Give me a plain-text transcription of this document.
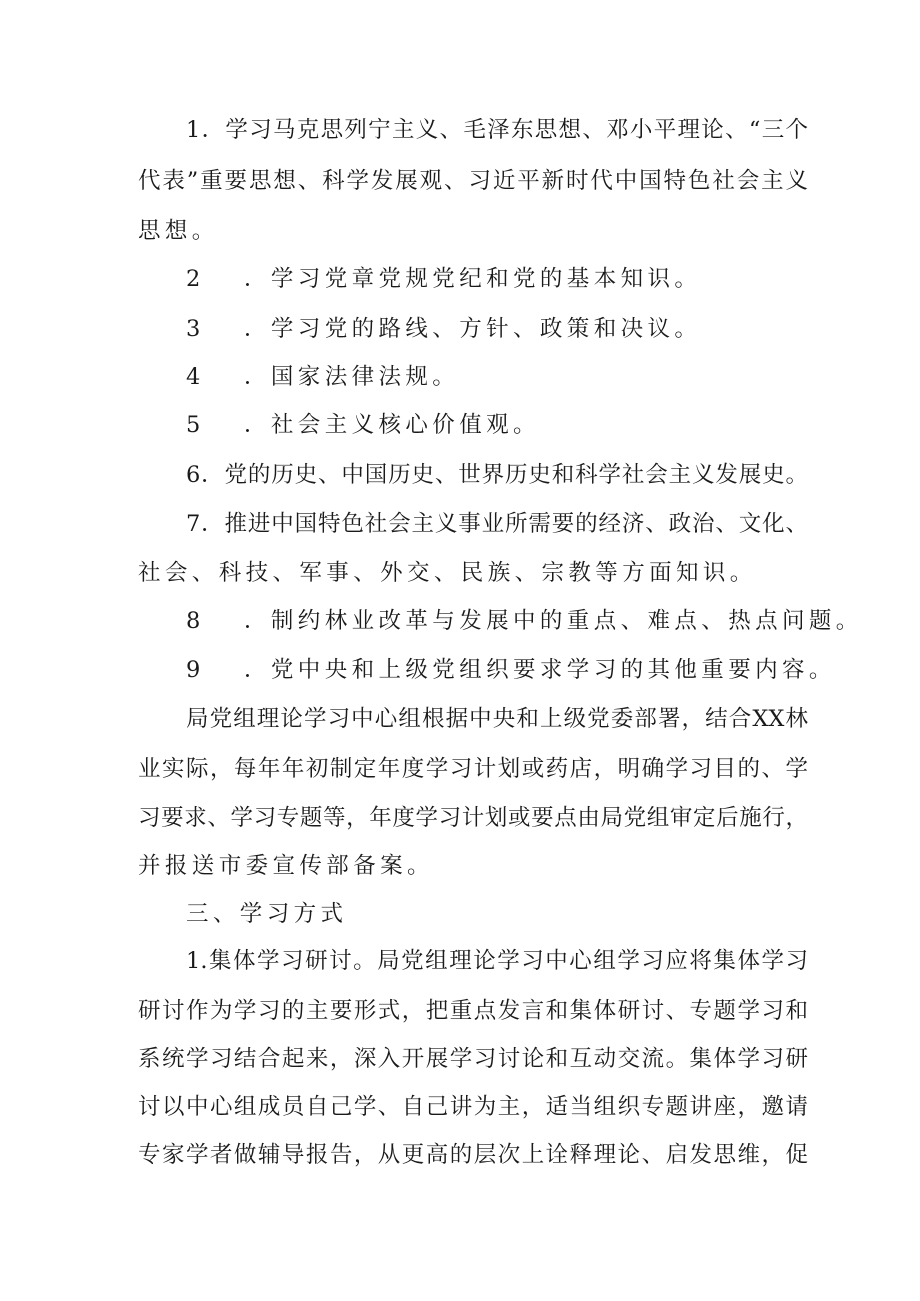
1．学习马克思列宁主义、毛泽东思想、邓小平理论、“三个
代表”重要思想、科学发展观、习近平新时代中国特色社会主义
思想。
2 ．学习党章党规党纪和党的基本知识。
3 ．学习党的路线、方针、政策和决议。
4 ．国家法律法规。
5 ．社会主义核心价值观。
6．党的历史、中国历史、世界历史和科学社会主义发展史。
7．推进中国特色社会主义事业所需要的经济、政治、文化、
社会、科技、军事、外交、民族、宗教等方面知识。
8 ．制约林业改革与发展中的重点、难点、热点问题。
9 ．党中央和上级党组织要求学习的其他重要内容。
局党组理论学习中心组根据中央和上级党委部署，结合XX林
业实际，每年年初制定年度学习计划或药店，明确学习目的、学
习要求、学习专题等，年度学习计划或要点由局党组审定后施行，
并报送市委宣传部备案。
三、学习方式
1.集体学习研讨。局党组理论学习中心组学习应将集体学习
研讨作为学习的主要形式，把重点发言和集体研讨、专题学习和
系统学习结合起来，深入开展学习讨论和互动交流。集体学习研
讨以中心组成员自己学、自己讲为主，适当组织专题讲座，邀请
专家学者做辅导报告，从更高的层次上诠释理论、启发思维，促
